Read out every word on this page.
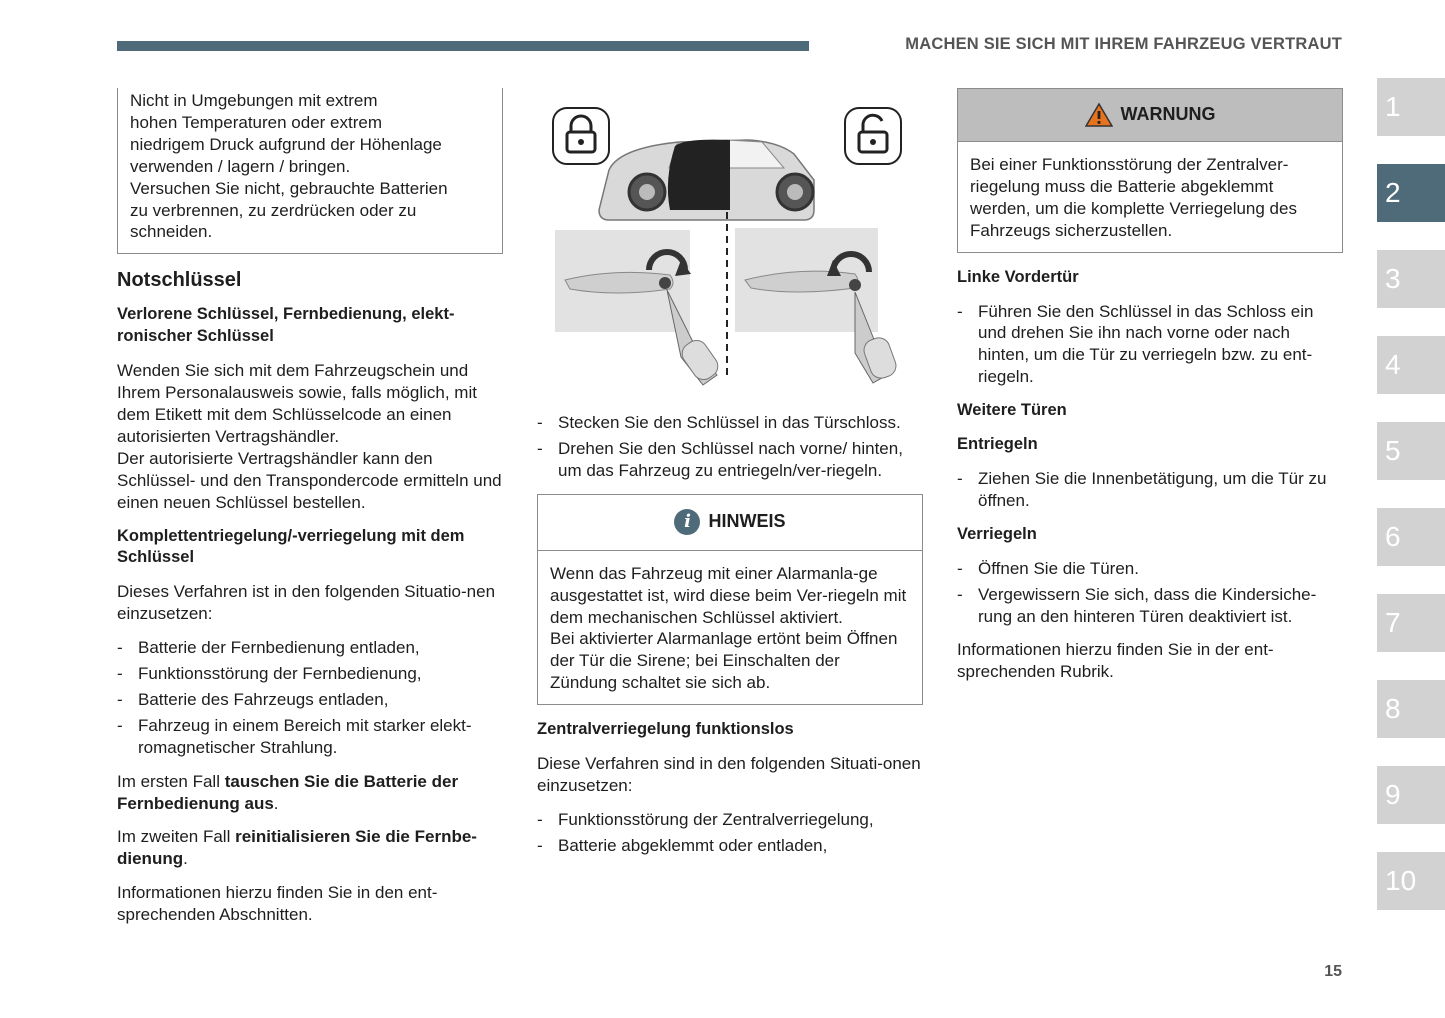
MACHEN SIE SICH MIT IHREM FAHRZEUG VERTRAUT
Nicht in Umgebungen mit extrem
hohen Temperaturen oder extrem
niedrigem Druck aufgrund der Höhenlage
verwenden / lagern / bringen.
Versuchen Sie nicht, gebrauchte Batterien
zu verbrennen, zu zerdrücken oder zu
schneiden.
Notschlüssel
Verlorene Schlüssel, Fernbedienung, elekt-ronischer Schlüssel

Wenden Sie sich mit dem Fahrzeugschein und Ihrem Personalausweis sowie, falls möglich, mit dem Etikett mit dem Schlüsselcode an einen autorisierten Vertragshändler.

Der autorisierte Vertragshändler kann den Schlüssel- und den Transpondercode ermitteln und einen neuen Schlüssel bestellen.

Komplettentriegelung/-verriegelung mit dem Schlüssel

Dieses Verfahren ist in den folgenden Situatio-nen einzusetzen:

- Batterie der Fernbedienung entladen,
- Funktionsstörung der Fernbedienung,
- Batterie des Fahrzeugs entladen,
- Fahrzeug in einem Bereich mit starker elekt-romagnetischer Strahlung.

Im ersten Fall tauschen Sie die Batterie der Fernbedienung aus.

Im zweiten Fall reinitialisieren Sie die Fernbe-dienung.

Informationen hierzu finden Sie in den ent-sprechenden Abschnitten.

- Stecken Sie den Schlüssel in das Türschloss.
- Drehen Sie den Schlüssel nach vorne/ hinten, um das Fahrzeug zu entriegeln/ver-riegeln.
i HINWEIS

Wenn das Fahrzeug mit einer Alarmanla-ge ausgestattet ist, wird diese beim Ver-riegeln mit dem mechanischen Schlüssel aktiviert.

Bei aktivierter Alarmanlage ertönt beim Öffnen der Tür die Sirene; bei Einschalten der Zündung schaltet sie sich ab.

Zentralverriegelung funktionslos

Diese Verfahren sind in den folgenden Situati-onen einzusetzen:

- Funktionsstörung der Zentralverriegelung,
- Batterie abgeklemmt oder entladen,
WARNUNG

Bei einer Funktionsstörung der Zentralver-riegelung muss die Batterie abgeklemmt werden, um die komplette Verriegelung des Fahrzeugs sicherzustellen.

Linke Vordertür
- Führen Sie den Schlüssel in das Schloss ein und drehen Sie ihn nach vorne oder nach hinten, um die Tür zu verriegeln bzw. zu ent-riegeln.
Weitere Türen
Entriegeln
- Ziehen Sie die Innenbetätigung, um die Tür zu öffnen.
Verriegeln
- Öffnen Sie die Türen.
- Vergewissern Sie sich, dass die Kindersiche-rung an den hinteren Türen deaktiviert ist.

Informationen hierzu finden Sie in der ent-sprechenden Rubrik.

1
2
3
4
5
6
7
8
9
10
15
